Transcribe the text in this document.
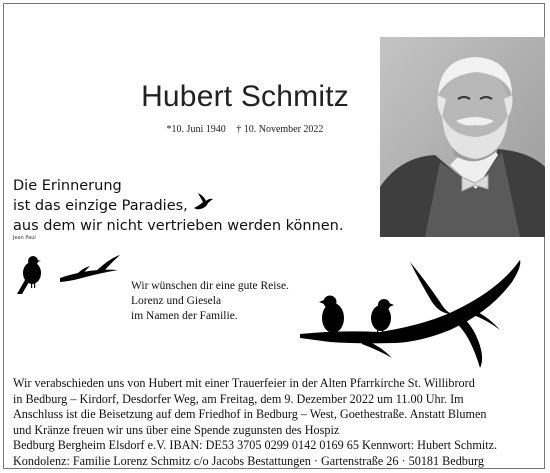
Hubert Schmitz
*10. Juni 1940 † 10. November 2022
Die Erinnerung
ist das einzige Paradies,
aus dem wir nicht vertrieben werden können.
Jean Paul
Wir wünschen dir eine gute Reise.
Lorenz und Giesela
im Namen der Familie.
Wir verabschieden uns von Hubert mit einer Trauerfeier in der Alten Pfarrkirche St. Willibrord
in Bedburg – Kirdorf, Desdorfer Weg, am Freitag, dem 9. Dezember 2022 um 11.00 Uhr. Im
Anschluss ist die Beisetzung auf dem Friedhof in Bedburg – West, Goethestraße. Anstatt Blumen
und Kränze freuen wir uns über eine Spende zugunsten des Hospiz
Bedburg Bergheim Elsdorf e.V. IBAN: DE53 3705 0299 0142 0169 65 Kennwort: Hubert Schmitz.
Kondolenz: Familie Lorenz Schmitz c/o Jacobs Bestattungen · Gartenstraße 26 · 50181 Bedburg
